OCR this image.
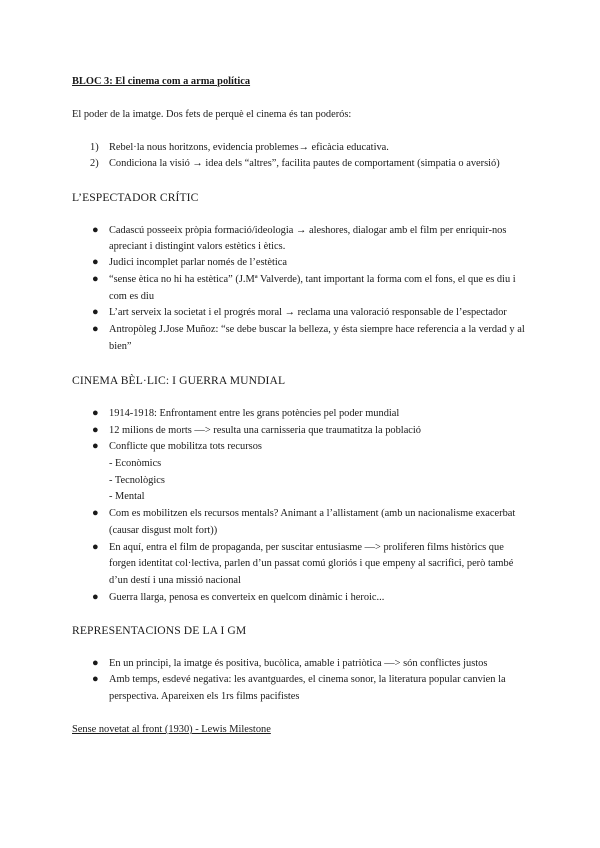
BLOC 3: El cinema com a arma política
El poder de la imatge. Dos fets de perquè el cinema és tan poderós:
1) Rebel·la nous horitzons, evidencia problemes→ eficàcia educativa.
2) Condiciona la visió → idea dels “altres”, facilita pautes de comportament (simpatia o aversió)
L’ESPECTADOR CRÍTIC
● Cadascú posseeix pròpia formació/ideologia → aleshores, dialogar amb el film per enriquir-nos
apreciant i distingint valors estètics i ètics.
● Judici incomplet parlar només de l’estètica
● “sense ètica no hi ha estètica” (J.Mª Valverde), tant important la forma com el fons, el que es diu i
com es diu
● L’art serveix la societat i el progrés moral → reclama una valoració responsable de l’espectador
● Antropòleg J.Jose Muñoz: “se debe buscar la belleza, y ésta siempre hace referencia a la verdad y al
bien”
CINEMA BÈL·LIC: I GUERRA MUNDIAL
● 1914-1918: Enfrontament entre les grans potències pel poder mundial
● 12 milions de morts —> resulta una carnisseria que traumatitza la població
● Conflicte que mobilitza tots recursos
- Econòmics
- Tecnològics
- Mental
● Com es mobilitzen els recursos mentals? Animant a l’allistament (amb un nacionalisme exacerbat
(causar disgust molt fort))
● En aquí, entra el film de propaganda, per suscitar entusiasme —> proliferen films històrics que
forgen identitat col·lectiva, parlen d’un passat comú gloriós i que empeny al sacrifici, però també
d’un destí i una missió nacional
● Guerra llarga, penosa es converteix en quelcom dinàmic i heroic...
REPRESENTACIONS DE LA I GM
● En un principi, la imatge és positiva, bucòlica, amable i patriòtica —> són conflictes justos
● Amb temps, esdevé negativa: les avantguardes, el cinema sonor, la literatura popular canvien la
perspectiva. Apareixen els 1rs films pacifistes
Sense novetat al front (1930) - Lewis Milestone
